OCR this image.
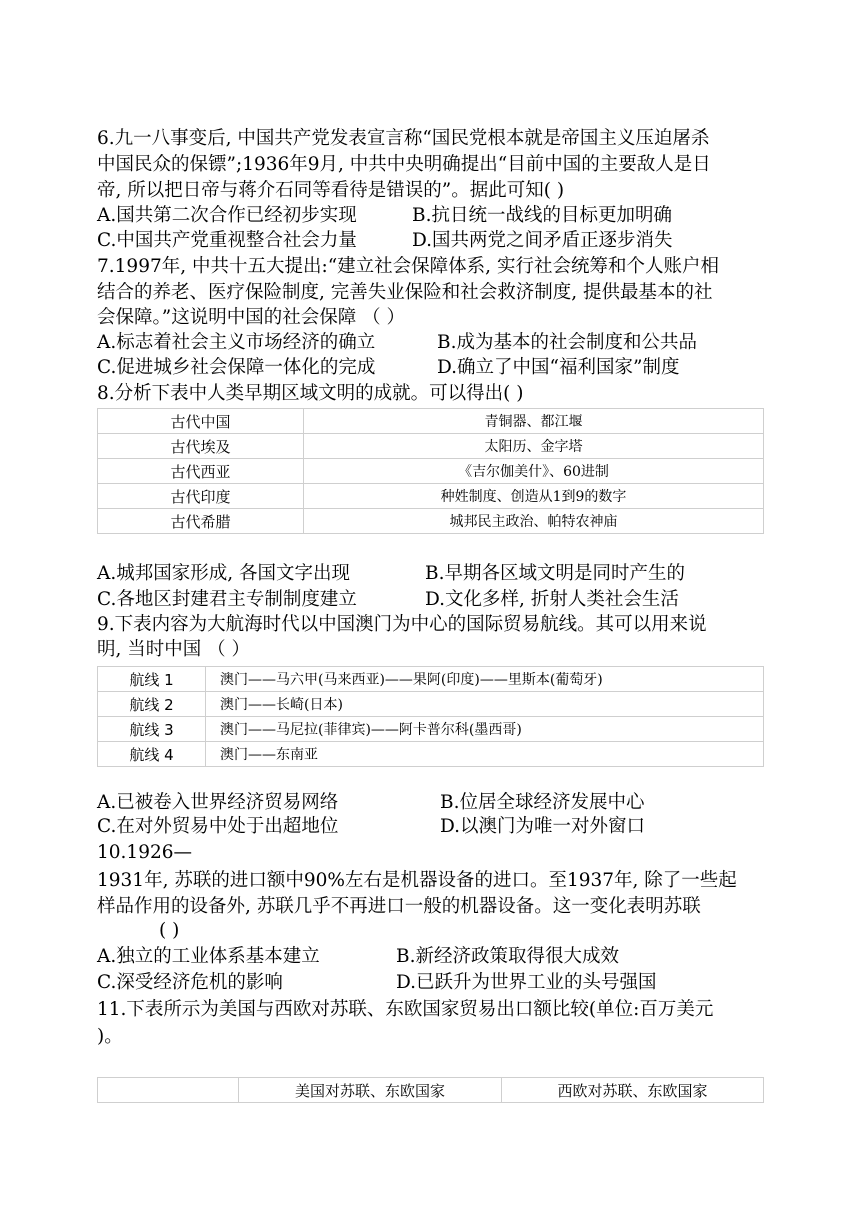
6.九一八事变后, 中国共产党发表宣言称“国民党根本就是帝国主义压迫屠杀
中国民众的保镖”;1936年9月, 中共中央明确提出“目前中国的主要敌人是日
帝, 所以把日帝与蒋介石同等看待是错误的”。据此可知( )
A.国共第二次合作已经初步实现	B.抗日统一战线的目标更加明确
C.中国共产党重视整合社会力量	D.国共两党之间矛盾正逐步消失
7.1997年, 中共十五大提出:“建立社会保障体系, 实行社会统筹和个人账户相
结合的养老、医疗保险制度, 完善失业保险和社会救济制度, 提供最基本的社
会保障。”这说明中国的社会保障 （ ）
A.标志着社会主义市场经济的确立	B.成为基本的社会制度和公共品
C.促进城乡社会保障一体化的完成	D.确立了中国“福利国家”制度
8.分析下表中人类早期区域文明的成就。可以得出( )
古代中国	青铜器、都江堰
古代埃及	太阳历、金字塔
古代西亚	《吉尔伽美什》、60进制
古代印度	种姓制度、创造从1到9的数字
古代希腊	城邦民主政治、帕特农神庙
A.城邦国家形成, 各国文字出现	B.早期各区域文明是同时产生的
C.各地区封建君主专制制度建立	D.文化多样, 折射人类社会生活
9.下表内容为大航海时代以中国澳门为中心的国际贸易航线。其可以用来说
明, 当时中国 （ ）
航线 1	澳门——马六甲(马来西亚)——果阿(印度)——里斯本(葡萄牙)
航线 2	澳门——长崎(日本)
航线 3	澳门——马尼拉(菲律宾)——阿卡普尔科(墨西哥)
航线 4	澳门——东南亚
A.已被卷入世界经济贸易网络	B.位居全球经济发展中心
C.在对外贸易中处于出超地位	D.以澳门为唯一对外窗口
10.1926—
1931年, 苏联的进口额中90%左右是机器设备的进口。至1937年, 除了一些起
样品作用的设备外, 苏联几乎不再进口一般的机器设备。这一变化表明苏联
( )
A.独立的工业体系基本建立	B.新经济政策取得很大成效
C.深受经济危机的影响	D.已跃升为世界工业的头号强国
11.下表所示为美国与西欧对苏联、东欧国家贸易出口额比较(单位:百万美元
)。
	美国对苏联、东欧国家	西欧对苏联、东欧国家
